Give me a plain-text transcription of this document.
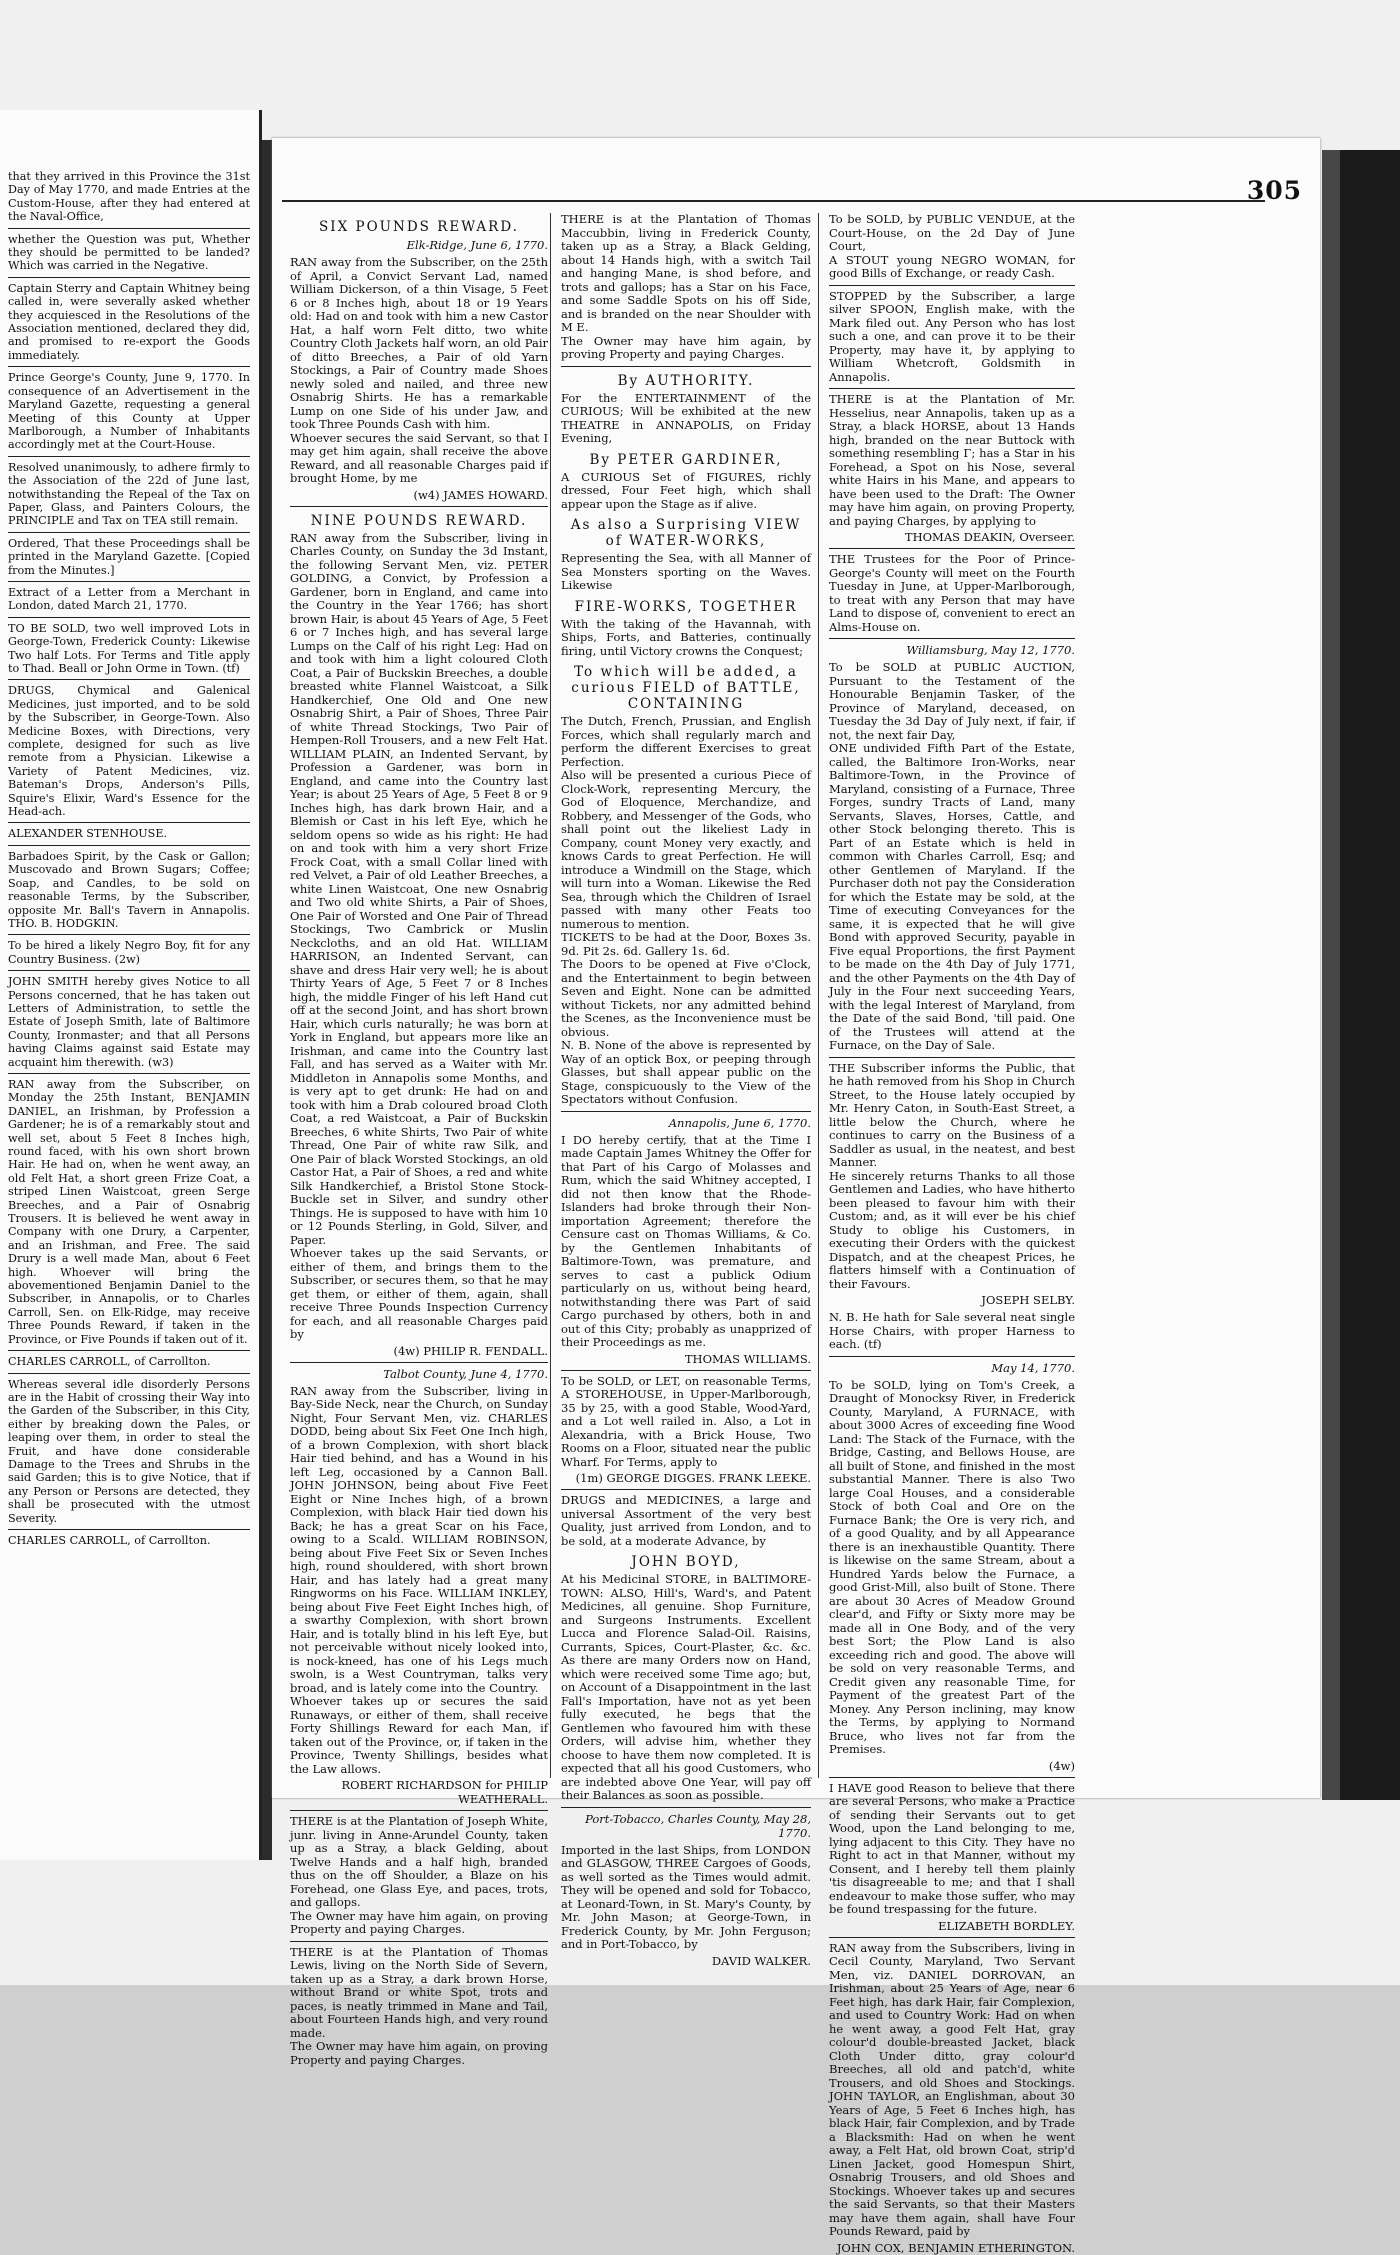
that they arrived in this Province the 31st Day of May 1770, and made Entries at the Custom-House, after they had entered at the Naval-Office,

whether the Question was put, Whether they should be permitted to be landed? Which was carried in the Negative.

Captain Sterry and Captain Whitney being called in, were severally asked whether they acquiesced in the Resolutions of the Association mentioned, declared they did, and promised to re-export the Goods immediately.

Prince George's County, June 9, 1770. In consequence of an Advertisement in the Maryland Gazette, requesting a general Meeting of this County at Upper Marlborough, a Number of Inhabitants accordingly met at the Court-House.

Resolved unanimously, to adhere firmly to the Association of the 22d of June last, notwithstanding the Repeal of the Tax on Paper, Glass, and Painters Colours, the PRINCIPLE and Tax on TEA still remain.

Ordered, That these Proceedings shall be printed in the Maryland Gazette. [Copied from the Minutes.]

Extract of a Letter from a Merchant in London, dated March 21, 1770.

TO BE SOLD, two well improved Lots in George-Town, Frederick County: Likewise Two half Lots. For Terms and Title apply to Thad. Beall or John Orme in Town. (tf)

DRUGS, Chymical and Galenical Medicines, just imported, and to be sold by the Subscriber, in George-Town. Also Medicine Boxes, with Directions, very complete, designed for such as live remote from a Physician. Likewise a Variety of Patent Medicines, viz. Bateman's Drops, Anderson's Pills, Squire's Elixir, Ward's Essence for the Head-ach.

ALEXANDER STENHOUSE.

Barbadoes Spirit, by the Cask or Gallon; Muscovado and Brown Sugars; Coffee; Soap, and Candles, to be sold on reasonable Terms, by the Subscriber, opposite Mr. Ball's Tavern in Annapolis. THO. B. HODGKIN.

To be hired a likely Negro Boy, fit for any Country Business. (2w)

JOHN SMITH hereby gives Notice to all Persons concerned, that he has taken out Letters of Administration, to settle the Estate of Joseph Smith, late of Baltimore County, Ironmaster; and that all Persons having Claims against said Estate may acquaint him therewith. (w3)

RAN away from the Subscriber, on Monday the 25th Instant, BENJAMIN DANIEL, an Irishman, by Profession a Gardener; he is of a remarkably stout and well set, about 5 Feet 8 Inches high, round faced, with his own short brown Hair. He had on, when he went away, an old Felt Hat, a short green Frize Coat, a striped Linen Waistcoat, green Serge Breeches, and a Pair of Osnabrig Trousers. It is believed he went away in Company with one Drury, a Carpenter, and an Irishman, and Free. The said Drury is a well made Man, about 6 Feet high. Whoever will bring the abovementioned Benjamin Daniel to the Subscriber, in Annapolis, or to Charles Carroll, Sen. on Elk-Ridge, may receive Three Pounds Reward, if taken in the Province, or Five Pounds if taken out of it.

CHARLES CARROLL, of Carrollton.

Whereas several idle disorderly Persons are in the Habit of crossing their Way into the Garden of the Subscriber, in this City, either by breaking down the Pales, or leaping over them, in order to steal the Fruit, and have done considerable Damage to the Trees and Shrubs in the said Garden; this is to give Notice, that if any Person or Persons are detected, they shall be prosecuted with the utmost Severity.

CHARLES CARROLL, of Carrollton.

305
SIX POUNDS REWARD.
Elk-Ridge, June 6, 1770.

RAN away from the Subscriber, on the 25th of April, a Convict Servant Lad, named William Dickerson, of a thin Visage, 5 Feet 6 or 8 Inches high, about 18 or 19 Years old: Had on and took with him a new Castor Hat, a half worn Felt ditto, two white Country Cloth Jackets half worn, an old Pair of ditto Breeches, a Pair of old Yarn Stockings, a Pair of Country made Shoes newly soled and nailed, and three new Osnabrig Shirts. He has a remarkable Lump on one Side of his under Jaw, and took Three Pounds Cash with him.

Whoever secures the said Servant, so that I may get him again, shall receive the above Reward, and all reasonable Charges paid if brought Home, by me

(w4) JAMES HOWARD.
NINE POUNDS REWARD.

RAN away from the Subscriber, living in Charles County, on Sunday the 3d Instant, the following Servant Men, viz. PETER GOLDING, a Convict, by Profession a Gardener, born in England, and came into the Country in the Year 1766; has short brown Hair, is about 45 Years of Age, 5 Feet 6 or 7 Inches high, and has several large Lumps on the Calf of his right Leg: Had on and took with him a light coloured Cloth Coat, a Pair of Buckskin Breeches, a double breasted white Flannel Waistcoat, a Silk Handkerchief, One Old and One new Osnabrig Shirt, a Pair of Shoes, Three Pair of white Thread Stockings, Two Pair of Hempen-Roll Trousers, and a new Felt Hat. WILLIAM PLAIN, an Indented Servant, by Profession a Gardener, was born in England, and came into the Country last Year; is about 25 Years of Age, 5 Feet 8 or 9 Inches high, has dark brown Hair, and a Blemish or Cast in his left Eye, which he seldom opens so wide as his right: He had on and took with him a very short Frize Frock Coat, with a small Collar lined with red Velvet, a Pair of old Leather Breeches, a white Linen Waistcoat, One new Osnabrig and Two old white Shirts, a Pair of Shoes, One Pair of Worsted and One Pair of Thread Stockings, Two Cambrick or Muslin Neckcloths, and an old Hat. WILLIAM HARRISON, an Indented Servant, can shave and dress Hair very well; he is about Thirty Years of Age, 5 Feet 7 or 8 Inches high, the middle Finger of his left Hand cut off at the second Joint, and has short brown Hair, which curls naturally; he was born at York in England, but appears more like an Irishman, and came into the Country last Fall, and has served as a Waiter with Mr. Middleton in Annapolis some Months, and is very apt to get drunk: He had on and took with him a Drab coloured broad Cloth Coat, a red Waistcoat, a Pair of Buckskin Breeches, 6 white Shirts, Two Pair of white Thread, One Pair of white raw Silk, and One Pair of black Worsted Stockings, an old Castor Hat, a Pair of Shoes, a red and white Silk Handkerchief, a Bristol Stone Stock-Buckle set in Silver, and sundry other Things. He is supposed to have with him 10 or 12 Pounds Sterling, in Gold, Silver, and Paper.

Whoever takes up the said Servants, or either of them, and brings them to the Subscriber, or secures them, so that he may get them, or either of them, again, shall receive Three Pounds Inspection Currency for each, and all reasonable Charges paid by

(4w) PHILIP R. FENDALL.
Talbot County, June 4, 1770.

RAN away from the Subscriber, living in Bay-Side Neck, near the Church, on Sunday Night, Four Servant Men, viz. CHARLES DODD, being about Six Feet One Inch high, of a brown Complexion, with short black Hair tied behind, and has a Wound in his left Leg, occasioned by a Cannon Ball. JOHN JOHNSON, being about Five Feet Eight or Nine Inches high, of a brown Complexion, with black Hair tied down his Back; he has a great Scar on his Face, owing to a Scald. WILLIAM ROBINSON, being about Five Feet Six or Seven Inches high, round shouldered, with short brown Hair, and has lately had a great many Ringworms on his Face. WILLIAM INKLEY, being about Five Feet Eight Inches high, of a swarthy Complexion, with short brown Hair, and is totally blind in his left Eye, but not perceivable without nicely looked into, is nock-kneed, has one of his Legs much swoln, is a West Countryman, talks very broad, and is lately come into the Country.

Whoever takes up or secures the said Runaways, or either of them, shall receive Forty Shillings Reward for each Man, if taken out of the Province, or, if taken in the Province, Twenty Shillings, besides what the Law allows.

ROBERT RICHARDSON for PHILIP WEATHERALL.

THERE is at the Plantation of Joseph White, junr. living in Anne-Arundel County, taken up as a Stray, a black Gelding, about Twelve Hands and a half high, branded thus on the off Shoulder, a Blaze on his Forehead, one Glass Eye, and paces, trots, and gallops.

The Owner may have him again, on proving Property and paying Charges.

THERE is at the Plantation of Thomas Lewis, living on the North Side of Severn, taken up as a Stray, a dark brown Horse, without Brand or white Spot, trots and paces, is neatly trimmed in Mane and Tail, about Fourteen Hands high, and very round made.

The Owner may have him again, on proving Property and paying Charges.

THERE is at the Plantation of Thomas Maccubbin, living in Frederick County, taken up as a Stray, a Black Gelding, about 14 Hands high, with a switch Tail and hanging Mane, is shod before, and trots and gallops; has a Star on his Face, and some Saddle Spots on his off Side, and is branded on the near Shoulder with M E.

The Owner may have him again, by proving Property and paying Charges.

By AUTHORITY.

For the ENTERTAINMENT of the CURIOUS; Will be exhibited at the new THEATRE in ANNAPOLIS, on Friday Evening,

By PETER GARDINER,

A CURIOUS Set of FIGURES, richly dressed, Four Feet high, which shall appear upon the Stage as if alive.

As also a Surprising VIEW of WATER-WORKS,

Representing the Sea, with all Manner of Sea Monsters sporting on the Waves. Likewise

FIRE-WORKS, TOGETHER

With the taking of the Havannah, with Ships, Forts, and Batteries, continually firing, until Victory crowns the Conquest;

To which will be added, a curious FIELD of BATTLE, CONTAINING

The Dutch, French, Prussian, and English Forces, which shall regularly march and perform the different Exercises to great Perfection.

Also will be presented a curious Piece of Clock-Work, representing Mercury, the God of Eloquence, Merchandize, and Robbery, and Messenger of the Gods, who shall point out the likeliest Lady in Company, count Money very exactly, and knows Cards to great Perfection. He will introduce a Windmill on the Stage, which will turn into a Woman. Likewise the Red Sea, through which the Children of Israel passed with many other Feats too numerous to mention.

TICKETS to be had at the Door, Boxes 3s. 9d. Pit 2s. 6d. Gallery 1s. 6d.

The Doors to be opened at Five o'Clock, and the Entertainment to begin between Seven and Eight. None can be admitted without Tickets, nor any admitted behind the Scenes, as the Inconvenience must be obvious.

N. B. None of the above is represented by Way of an optick Box, or peeping through Glasses, but shall appear public on the Stage, conspicuously to the View of the Spectators without Confusion.

Annapolis, June 6, 1770.

I DO hereby certify, that at the Time I made Captain James Whitney the Offer for that Part of his Cargo of Molasses and Rum, which the said Whitney accepted, I did not then know that the Rhode-Islanders had broke through their Non-importation Agreement; therefore the Censure cast on Thomas Williams, & Co. by the Gentlemen Inhabitants of Baltimore-Town, was premature, and serves to cast a publick Odium particularly on us, without being heard, notwithstanding there was Part of said Cargo purchased by others, both in and out of this City; probably as unapprized of their Proceedings as me.

THOMAS WILLIAMS.

To be SOLD, or LET, on reasonable Terms, A STOREHOUSE, in Upper-Marlborough, 35 by 25, with a good Stable, Wood-Yard, and a Lot well railed in. Also, a Lot in Alexandria, with a Brick House, Two Rooms on a Floor, situated near the public Wharf. For Terms, apply to

(1m) GEORGE DIGGES. FRANK LEEKE.

DRUGS and MEDICINES, a large and universal Assortment of the very best Quality, just arrived from London, and to be sold, at a moderate Advance, by

JOHN BOYD,

At his Medicinal STORE, in BALTIMORE-TOWN: ALSO, Hill's, Ward's, and Patent Medicines, all genuine. Shop Furniture, and Surgeons Instruments. Excellent Lucca and Florence Salad-Oil. Raisins, Currants, Spices, Court-Plaster, &c. &c. As there are many Orders now on Hand, which were received some Time ago; but, on Account of a Disappointment in the last Fall's Importation, have not as yet been fully executed, he begs that the Gentlemen who favoured him with these Orders, will advise him, whether they choose to have them now completed. It is expected that all his good Customers, who are indebted above One Year, will pay off their Balances as soon as possible.

Port-Tobacco, Charles County, May 28, 1770.

Imported in the last Ships, from LONDON and GLASGOW, THREE Cargoes of Goods, as well sorted as the Times would admit. They will be opened and sold for Tobacco, at Leonard-Town, in St. Mary's County, by Mr. John Mason; at George-Town, in Frederick County, by Mr. John Ferguson; and in Port-Tobacco, by

DAVID WALKER.

To be SOLD, by PUBLIC VENDUE, at the Court-House, on the 2d Day of June Court,

A STOUT young NEGRO WOMAN, for good Bills of Exchange, or ready Cash.

STOPPED by the Subscriber, a large silver SPOON, English make, with the Mark filed out. Any Person who has lost such a one, and can prove it to be their Property, may have it, by applying to William Whetcroft, Goldsmith in Annapolis.

THERE is at the Plantation of Mr. Hesselius, near Annapolis, taken up as a Stray, a black HORSE, about 13 Hands high, branded on the near Buttock with something resembling Γ; has a Star in his Forehead, a Spot on his Nose, several white Hairs in his Mane, and appears to have been used to the Draft: The Owner may have him again, on proving Property, and paying Charges, by applying to

THOMAS DEAKIN, Overseer.

THE Trustees for the Poor of Prince-George's County will meet on the Fourth Tuesday in June, at Upper-Marlborough, to treat with any Person that may have Land to dispose of, convenient to erect an Alms-House on.

Williamsburg, May 12, 1770.

To be SOLD at PUBLIC AUCTION, Pursuant to the Testament of the Honourable Benjamin Tasker, of the Province of Maryland, deceased, on Tuesday the 3d Day of July next, if fair, if not, the next fair Day,

ONE undivided Fifth Part of the Estate, called, the Baltimore Iron-Works, near Baltimore-Town, in the Province of Maryland, consisting of a Furnace, Three Forges, sundry Tracts of Land, many Servants, Slaves, Horses, Cattle, and other Stock belonging thereto. This is Part of an Estate which is held in common with Charles Carroll, Esq; and other Gentlemen of Maryland. If the Purchaser doth not pay the Consideration for which the Estate may be sold, at the Time of executing Conveyances for the same, it is expected that he will give Bond with approved Security, payable in Five equal Proportions, the first Payment to be made on the 4th Day of July 1771, and the other Payments on the 4th Day of July in the Four next succeeding Years, with the legal Interest of Maryland, from the Date of the said Bond, 'till paid. One of the Trustees will attend at the Furnace, on the Day of Sale.

THE Subscriber informs the Public, that he hath removed from his Shop in Church Street, to the House lately occupied by Mr. Henry Caton, in South-East Street, a little below the Church, where he continues to carry on the Business of a Saddler as usual, in the neatest, and best Manner.

He sincerely returns Thanks to all those Gentlemen and Ladies, who have hitherto been pleased to favour him with their Custom; and, as it will ever be his chief Study to oblige his Customers, in executing their Orders with the quickest Dispatch, and at the cheapest Prices, he flatters himself with a Continuation of their Favours.

JOSEPH SELBY.

N. B. He hath for Sale several neat single Horse Chairs, with proper Harness to each. (tf)

May 14, 1770.

To be SOLD, lying on Tom's Creek, a Draught of Monocksy River, in Frederick County, Maryland, A FURNACE, with about 3000 Acres of exceeding fine Wood Land: The Stack of the Furnace, with the Bridge, Casting, and Bellows House, are all built of Stone, and finished in the most substantial Manner. There is also Two large Coal Houses, and a considerable Stock of both Coal and Ore on the Furnace Bank; the Ore is very rich, and of a good Quality, and by all Appearance there is an inexhaustible Quantity. There is likewise on the same Stream, about a Hundred Yards below the Furnace, a good Grist-Mill, also built of Stone. There are about 30 Acres of Meadow Ground clear'd, and Fifty or Sixty more may be made all in One Body, and of the very best Sort; the Plow Land is also exceeding rich and good. The above will be sold on very reasonable Terms, and Credit given any reasonable Time, for Payment of the greatest Part of the Money. Any Person inclining, may know the Terms, by applying to Normand Bruce, who lives not far from the Premises.

(4w)

I HAVE good Reason to believe that there are several Persons, who make a Practice of sending their Servants out to get Wood, upon the Land belonging to me, lying adjacent to this City. They have no Right to act in that Manner, without my Consent, and I hereby tell them plainly 'tis disagreeable to me; and that I shall endeavour to make those suffer, who may be found trespassing for the future.

ELIZABETH BORDLEY.

RAN away from the Subscribers, living in Cecil County, Maryland, Two Servant Men, viz. DANIEL DORROVAN, an Irishman, about 25 Years of Age, near 6 Feet high, has dark Hair, fair Complexion, and used to Country Work: Had on when he went away, a good Felt Hat, gray colour'd double-breasted Jacket, black Cloth Under ditto, gray colour'd Breeches, all old and patch'd, white Trousers, and old Shoes and Stockings. JOHN TAYLOR, an Englishman, about 30 Years of Age, 5 Feet 6 Inches high, has black Hair, fair Complexion, and by Trade a Blacksmith: Had on when he went away, a Felt Hat, old brown Coat, strip'd Linen Jacket, good Homespun Shirt, Osnabrig Trousers, and old Shoes and Stockings. Whoever takes up and secures the said Servants, so that their Masters may have them again, shall have Four Pounds Reward, paid by

JOHN COX, BENJAMIN ETHERINGTON.
